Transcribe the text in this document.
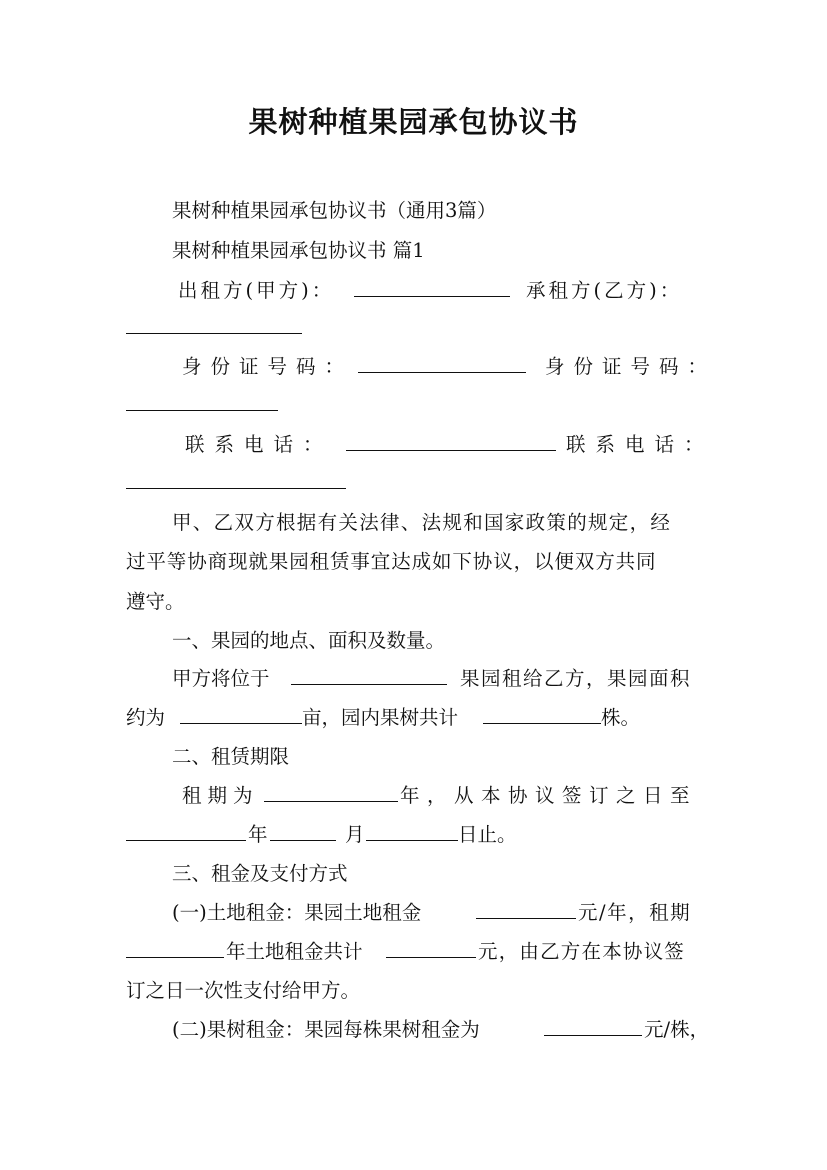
果树种植果园承包协议书
果树种植果园承包协议书（通用3篇）
果树种植果园承包协议书 篇1
出租方(甲方)：	承租方(乙方)：
身份证号码：	身份证号码：
联系电话：	联系电话：
甲、乙双方根据有关法律、法规和国家政策的规定，经
过平等协商现就果园租赁事宜达成如下协议，以便双方共同
遵守。
一、果园的地点、面积及数量。
甲方将位于	果园租给乙方，果园面积
约为	亩，园内果树共计	株。
二、租赁期限
租期为	年，从本协议签订之日至
年	月	日止。
三、租金及支付方式
(一)土地租金：果园土地租金	元/年，租期
年土地租金共计	元，由乙方在本协议签
订之日一次性支付给甲方。
(二)果树租金：果园每株果树租金为	元/株，
